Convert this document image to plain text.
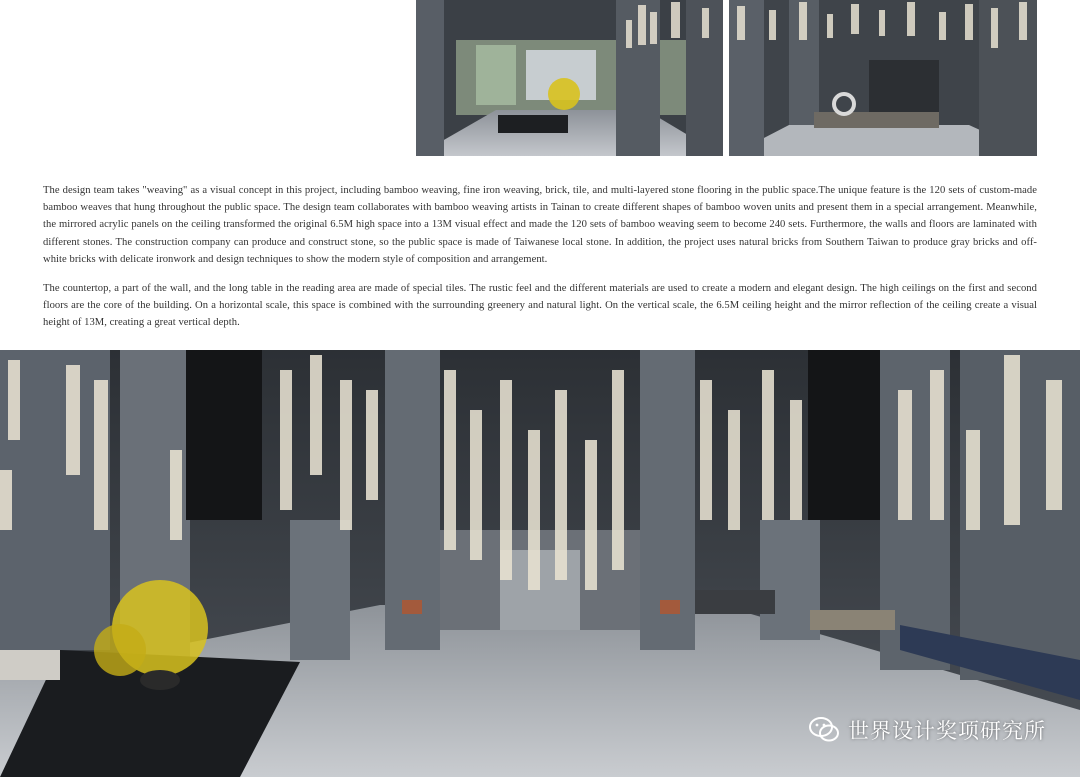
The design team takes "weaving" as a visual concept in this project, including bamboo weaving, fine iron weaving, brick, tile, and multi-layered stone flooring in the public space.The unique feature is the 120 sets of custom-made bamboo weaves that hung throughout the public space. The design team collaborates with bamboo weaving artists in Tainan to create different shapes of bamboo woven units and present them in a special arrangement. Meanwhile, the mirrored acrylic panels on the ceiling transformed the original 6.5M high space into a 13M visual effect and made the 120 sets of bamboo weaving seem to become 240 sets. Furthermore, the walls and floors are laminated with different stones. The construction company can produce and construct stone, so the public space is made of Taiwanese local stone. In addition, the project uses natural bricks from Southern Taiwan to produce gray bricks and off-white bricks with delicate ironwork and design techniques to show the modern style of composition and arrangement.

The countertop, a part of the wall, and the long table in the reading area are made of special tiles. The rustic feel and the different materials are used to create a modern and elegant design. The high ceilings on the first and second floors are the core of the building. On a horizontal scale, this space is combined with the surrounding greenery and natural light. On the vertical scale, the 6.5M ceiling height and the mirror reflection of the ceiling create a visual height of 13M, creating a great vertical depth.

世界设计奖项研究所
